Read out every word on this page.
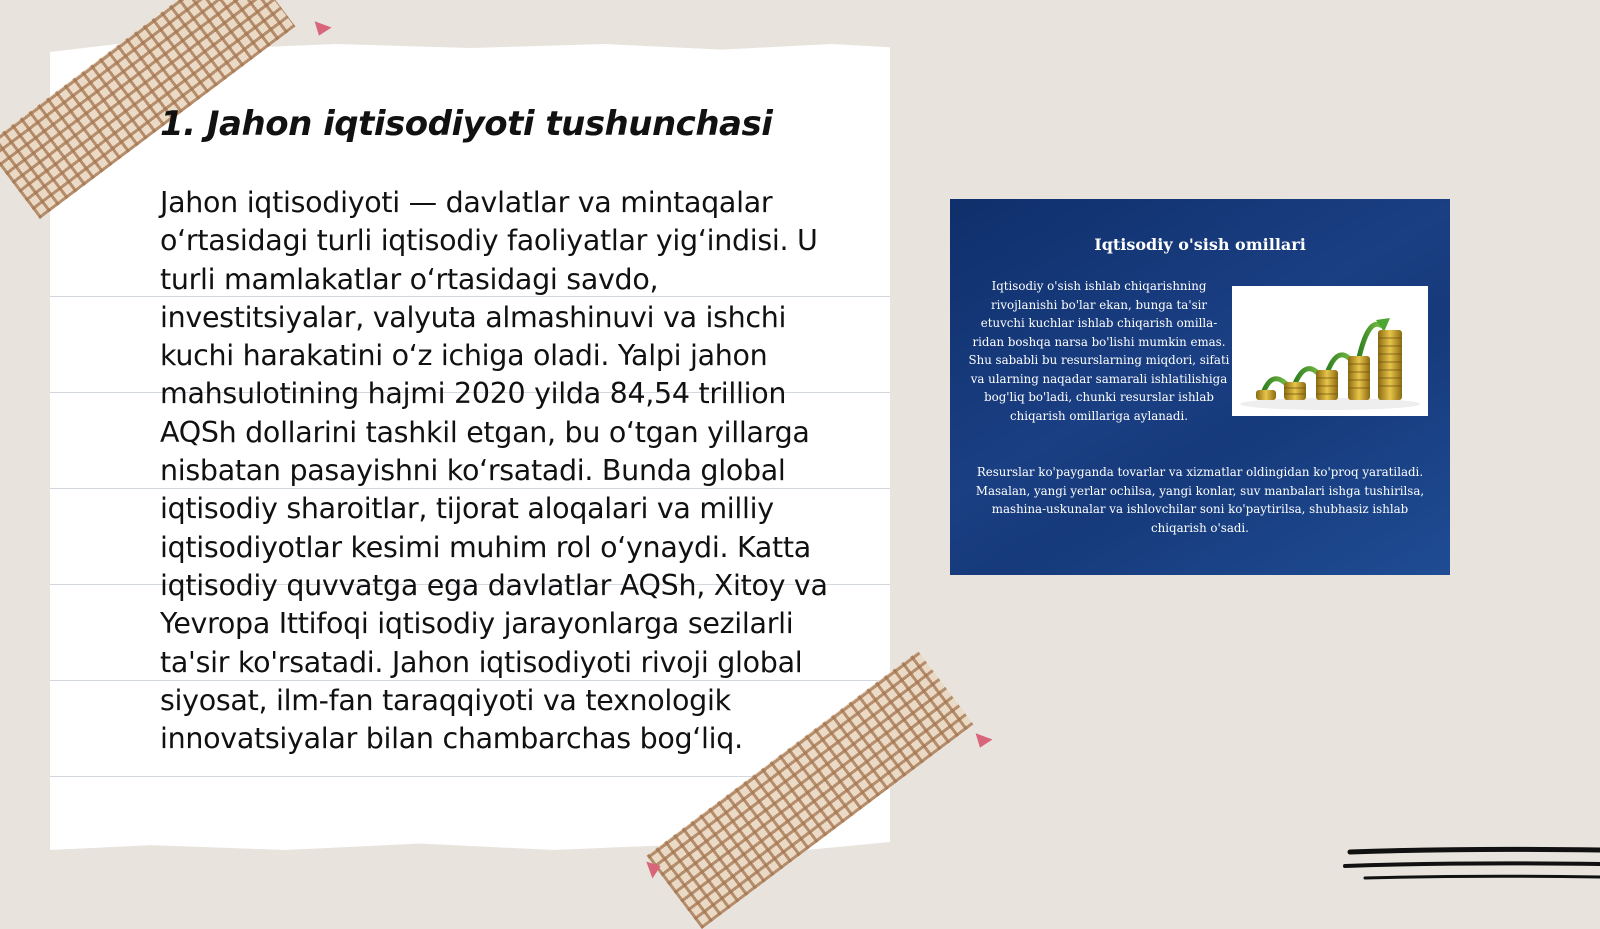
1. Jahon iqtisodiyoti tushunchasi

Jahon iqtisodiyoti — davlatlar va mintaqalar o‘rtasidagi turli iqtisodiy faoliyatlar yig‘indisi. U turli mamlakatlar o‘rtasidagi savdo, investitsiyalar, valyuta almashinuvi va ishchi kuchi harakatini o‘z ichiga oladi. Yalpi jahon mahsulotining hajmi 2020 yilda 84,54 trillion AQSh dollarini tashkil etgan, bu o‘tgan yillarga nisbatan pasayishni ko‘rsatadi. Bunda global iqtisodiy sharoitlar, tijorat aloqalari va milliy iqtisodiyotlar kesimi muhim rol o‘ynaydi. Katta iqtisodiy quvvatga ega davlatlar AQSh, Xitoy va Yevropa Ittifoqi iqtisodiy jarayonlarga sezilarli ta'sir ko'rsatadi. Jahon iqtisodiyoti rivoji global siyosat, ilm-fan taraqqiyoti va texnologik innovatsiyalar bilan chambarchas bog‘liq.

Iqtisodiy o'sish omillari

Iqtisodiy o'sish ishlab chiqarishning rivojlanishi bo'lar ekan, bunga ta'sir etuvchi kuchlar ishlab chiqarish omilla-ridan boshqa narsa bo'lishi mumkin emas. Shu sababli bu resurslarning miqdori, sifati va ularning naqadar samarali ishlatilishiga bog'liq bo'ladi, chunki resurslar ishlab chiqarish omillariga aylanadi.

Resurslar ko'payganda tovarlar va xizmatlar oldingidan ko'proq yaratiladi. Masalan, yangi yerlar ochilsa, yangi konlar, suv manbalari ishga tushirilsa, mashina-uskunalar va ishlovchilar soni ko'paytirilsa, shubhasiz ishlab chiqarish o'sadi.
